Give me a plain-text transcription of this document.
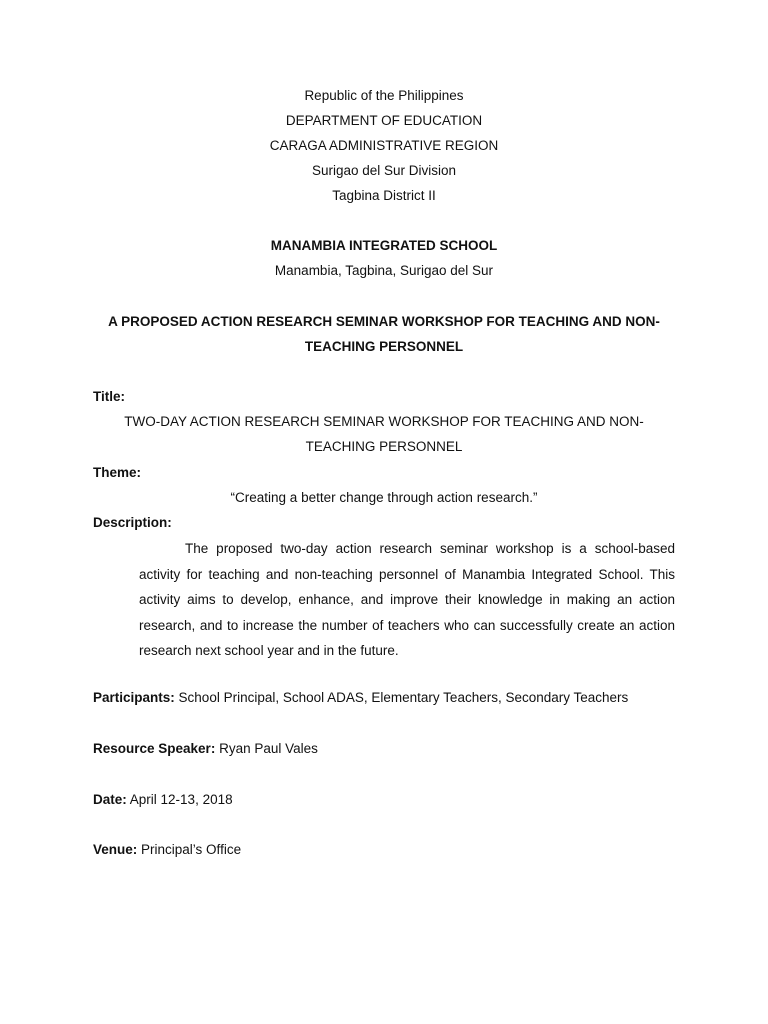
Republic of the Philippines
DEPARTMENT OF EDUCATION
CARAGA ADMINISTRATIVE REGION
Surigao del Sur Division
Tagbina District II
MANAMBIA INTEGRATED SCHOOL
Manambia, Tagbina, Surigao del Sur
A PROPOSED ACTION RESEARCH SEMINAR WORKSHOP FOR TEACHING AND NON-
TEACHING PERSONNEL
Title:
TWO-DAY ACTION RESEARCH SEMINAR WORKSHOP FOR TEACHING AND NON-
TEACHING PERSONNEL
Theme:
“Creating a better change through action research.”
Description:
The proposed two-day action research seminar workshop is a school-based activity for teaching and non-teaching personnel of Manambia Integrated School. This activity aims to develop, enhance, and improve their knowledge in making an action research, and to increase the number of teachers who can successfully create an action research next school year and in the future.
Participants: School Principal, School ADAS, Elementary Teachers, Secondary Teachers
Resource Speaker: Ryan Paul Vales
Date: April 12-13, 2018
Venue: Principal’s Office
